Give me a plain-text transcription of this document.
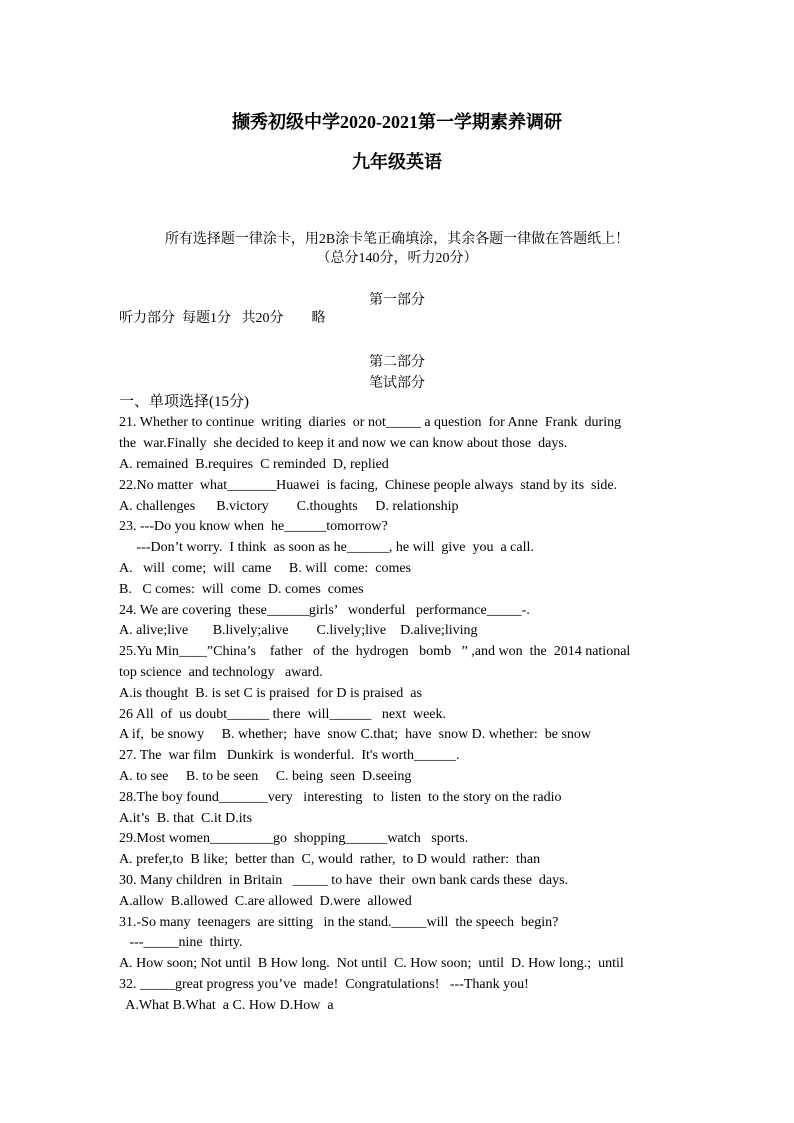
撷秀初级中学2020-2021第一学期素养调研
九年级英语
所有选择题一律涂卡，用2B涂卡笔正确填涂，其余各题一律做在答题纸上！
（总分140分，听力20分）
第一部分
听力部分  每题1分   共20分        略
第二部分
笔试部分
一、单项选择(15分)
21. Whether to continue  writing  diaries  or not_____ a question  for Anne  Frank  during
the  war.Finally  she decided to keep it and now we can know about those  days.
A. remained  B.requires  C reminded  D, replied
22.No matter  what_______Huawei  is facing,  Chinese people always  stand by its  side.
A. challenges      B.victory        C.thoughts     D. relationship
23. ---Do you know when  he______tomorrow?
---Don’t worry.  I think  as soon as he______, he will  give  you  a call.
A.   will  come;  will  came     B. will  come:  comes
B.   C comes:  will  come  D. comes  comes
24. We are covering  these______girls’   wonderful   performance_____-.
A. alive;live       B.lively;alive        C.lively;live    D.alive;living
25.Yu Min____”China’s    father   of  the  hydrogen   bomb   ” ,and won  the  2014 national
top science  and technology   award.
A.is thought  B. is set C is praised  for D is praised  as
26 All  of  us doubt______ there  will______   next  week.
A if,  be snowy     B. whether;  have  snow C.that;  have  snow D. whether:  be snow
27. The  war film   Dunkirk  is wonderful.  It's worth______.
A. to see     B. to be seen     C. being  seen  D.seeing
28.The boy found_______very   interesting   to  listen  to the story on the radio
A.it’s  B. that  C.it D.its
29.Most women_________go  shopping______watch   sports.
A. prefer,to  B like;  better than  C, would  rather,  to D would  rather:  than
30. Many children  in Britain   _____ to have  their  own bank cards these  days.
A.allow  B.allowed  C.are allowed  D.were  allowed
31.-So many  teenagers  are sitting   in the stand._____will  the speech  begin?
---_____nine  thirty.
A. How soon; Not until  B How long.  Not until  C. How soon;  until  D. How long.;  until
32. _____great progress you’ve  made!  Congratulations!   ---Thank you!
A.What B.What  a C. How D.How  a
